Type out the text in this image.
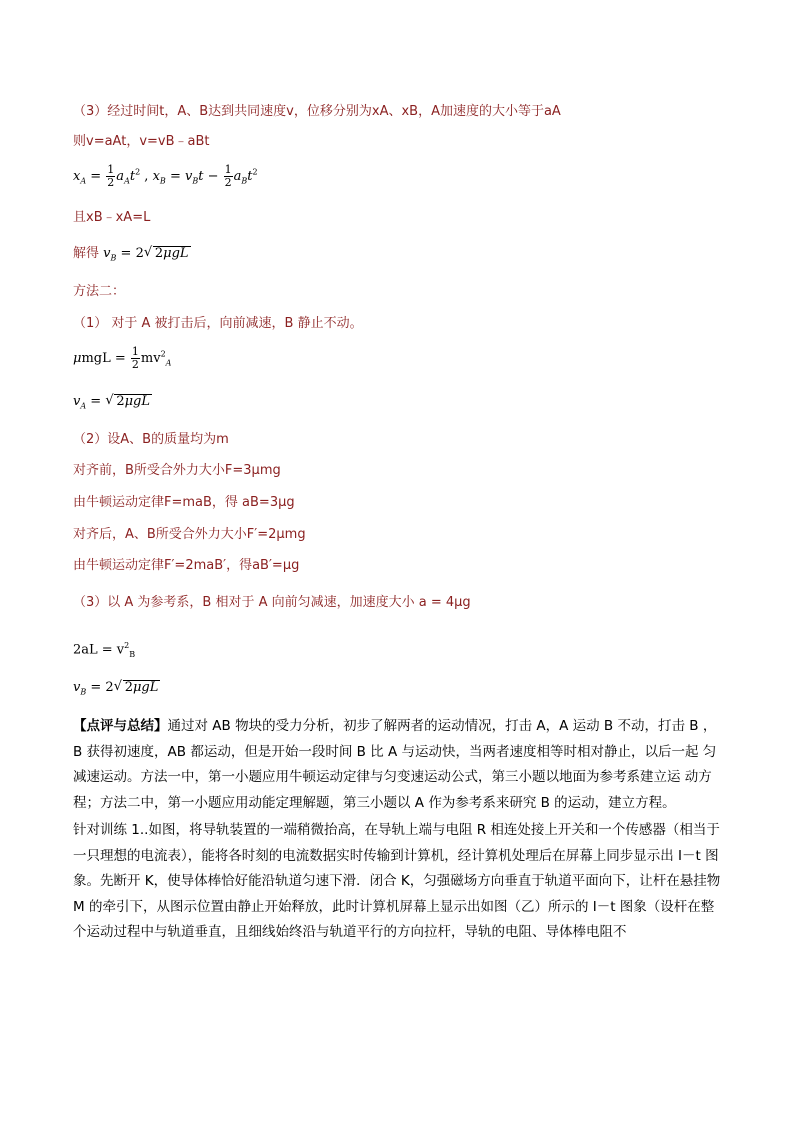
（3）经过时间t，A、B达到共同速度v，位移分别为xA、xB，A加速度的大小等于aA
则v=aAt，v=vB﹣aBt
$x_A = \frac{1}{2} a_At^2$ , $x_B = v_Bt - \frac{1}{2} a_Bt^2$
且xB﹣xA=L
解得 $v_B = 2√$ 2μgL
方法二：
（1） 对于 A 被打击后，向前减速，B 静止不动。
$\mu mgL = \frac{1}{2} mv^2_A$
$v_A$ = √ 2μgL
（2）设A、B的质量均为m
对齐前，B所受合外力大小F=3μmg
由牛顿运动定律F=maB，得 aB=3μg
对齐后，A、B所受合外力大小F′=2μmg
由牛顿运动定律F′=2maB′，得aB′=μg
（3）以 A 为参考系，B 相对于 A 向前匀减速，加速度大小 a = 4μg
$2aL = v^2_B$
$v_B = 2√$ 2μgL
【点评与总结】通过对 AB 物块的受力分析，初步了解两者的运动情况，打击 A，A 运动 B 不动，打击 B ，B 获得初速度，AB 都运动，但是开始一段时间 B 比 A 与运动快，当两者速度相等时相对静止，以后一起 匀减速运动。方法一中，第一小题应用牛顿运动定律与匀变速运动公式，第三小题以地面为参考系建立运 动方程；方法二中，第一小题应用动能定理解题，第三小题以 A 作为参考系来研究 B 的运动，建立方程。
针对训练 1..如图，将导轨装置的一端稍微抬高，在导轨上端与电阻 R 相连处接上开关和一个传感器（相当于一只理想的电流表），能将各时刻的电流数据实时传输到计算机，经计算机处理后在屏幕上同步显示出 I－t 图象。先断开 K，使导体棒恰好能沿轨道匀速下滑．闭合 K，匀强磁场方向垂直于轨道平面向下，让杆在悬挂物 M 的牵引下，从图示位置由静止开始释放，此时计算机屏幕上显示出如图（乙）所示的 I－t 图象（设杆在整个运动过程中与轨道垂直，且细线始终沿与轨道平行的方向拉杆，导轨的电阻、导体棒电阻不
